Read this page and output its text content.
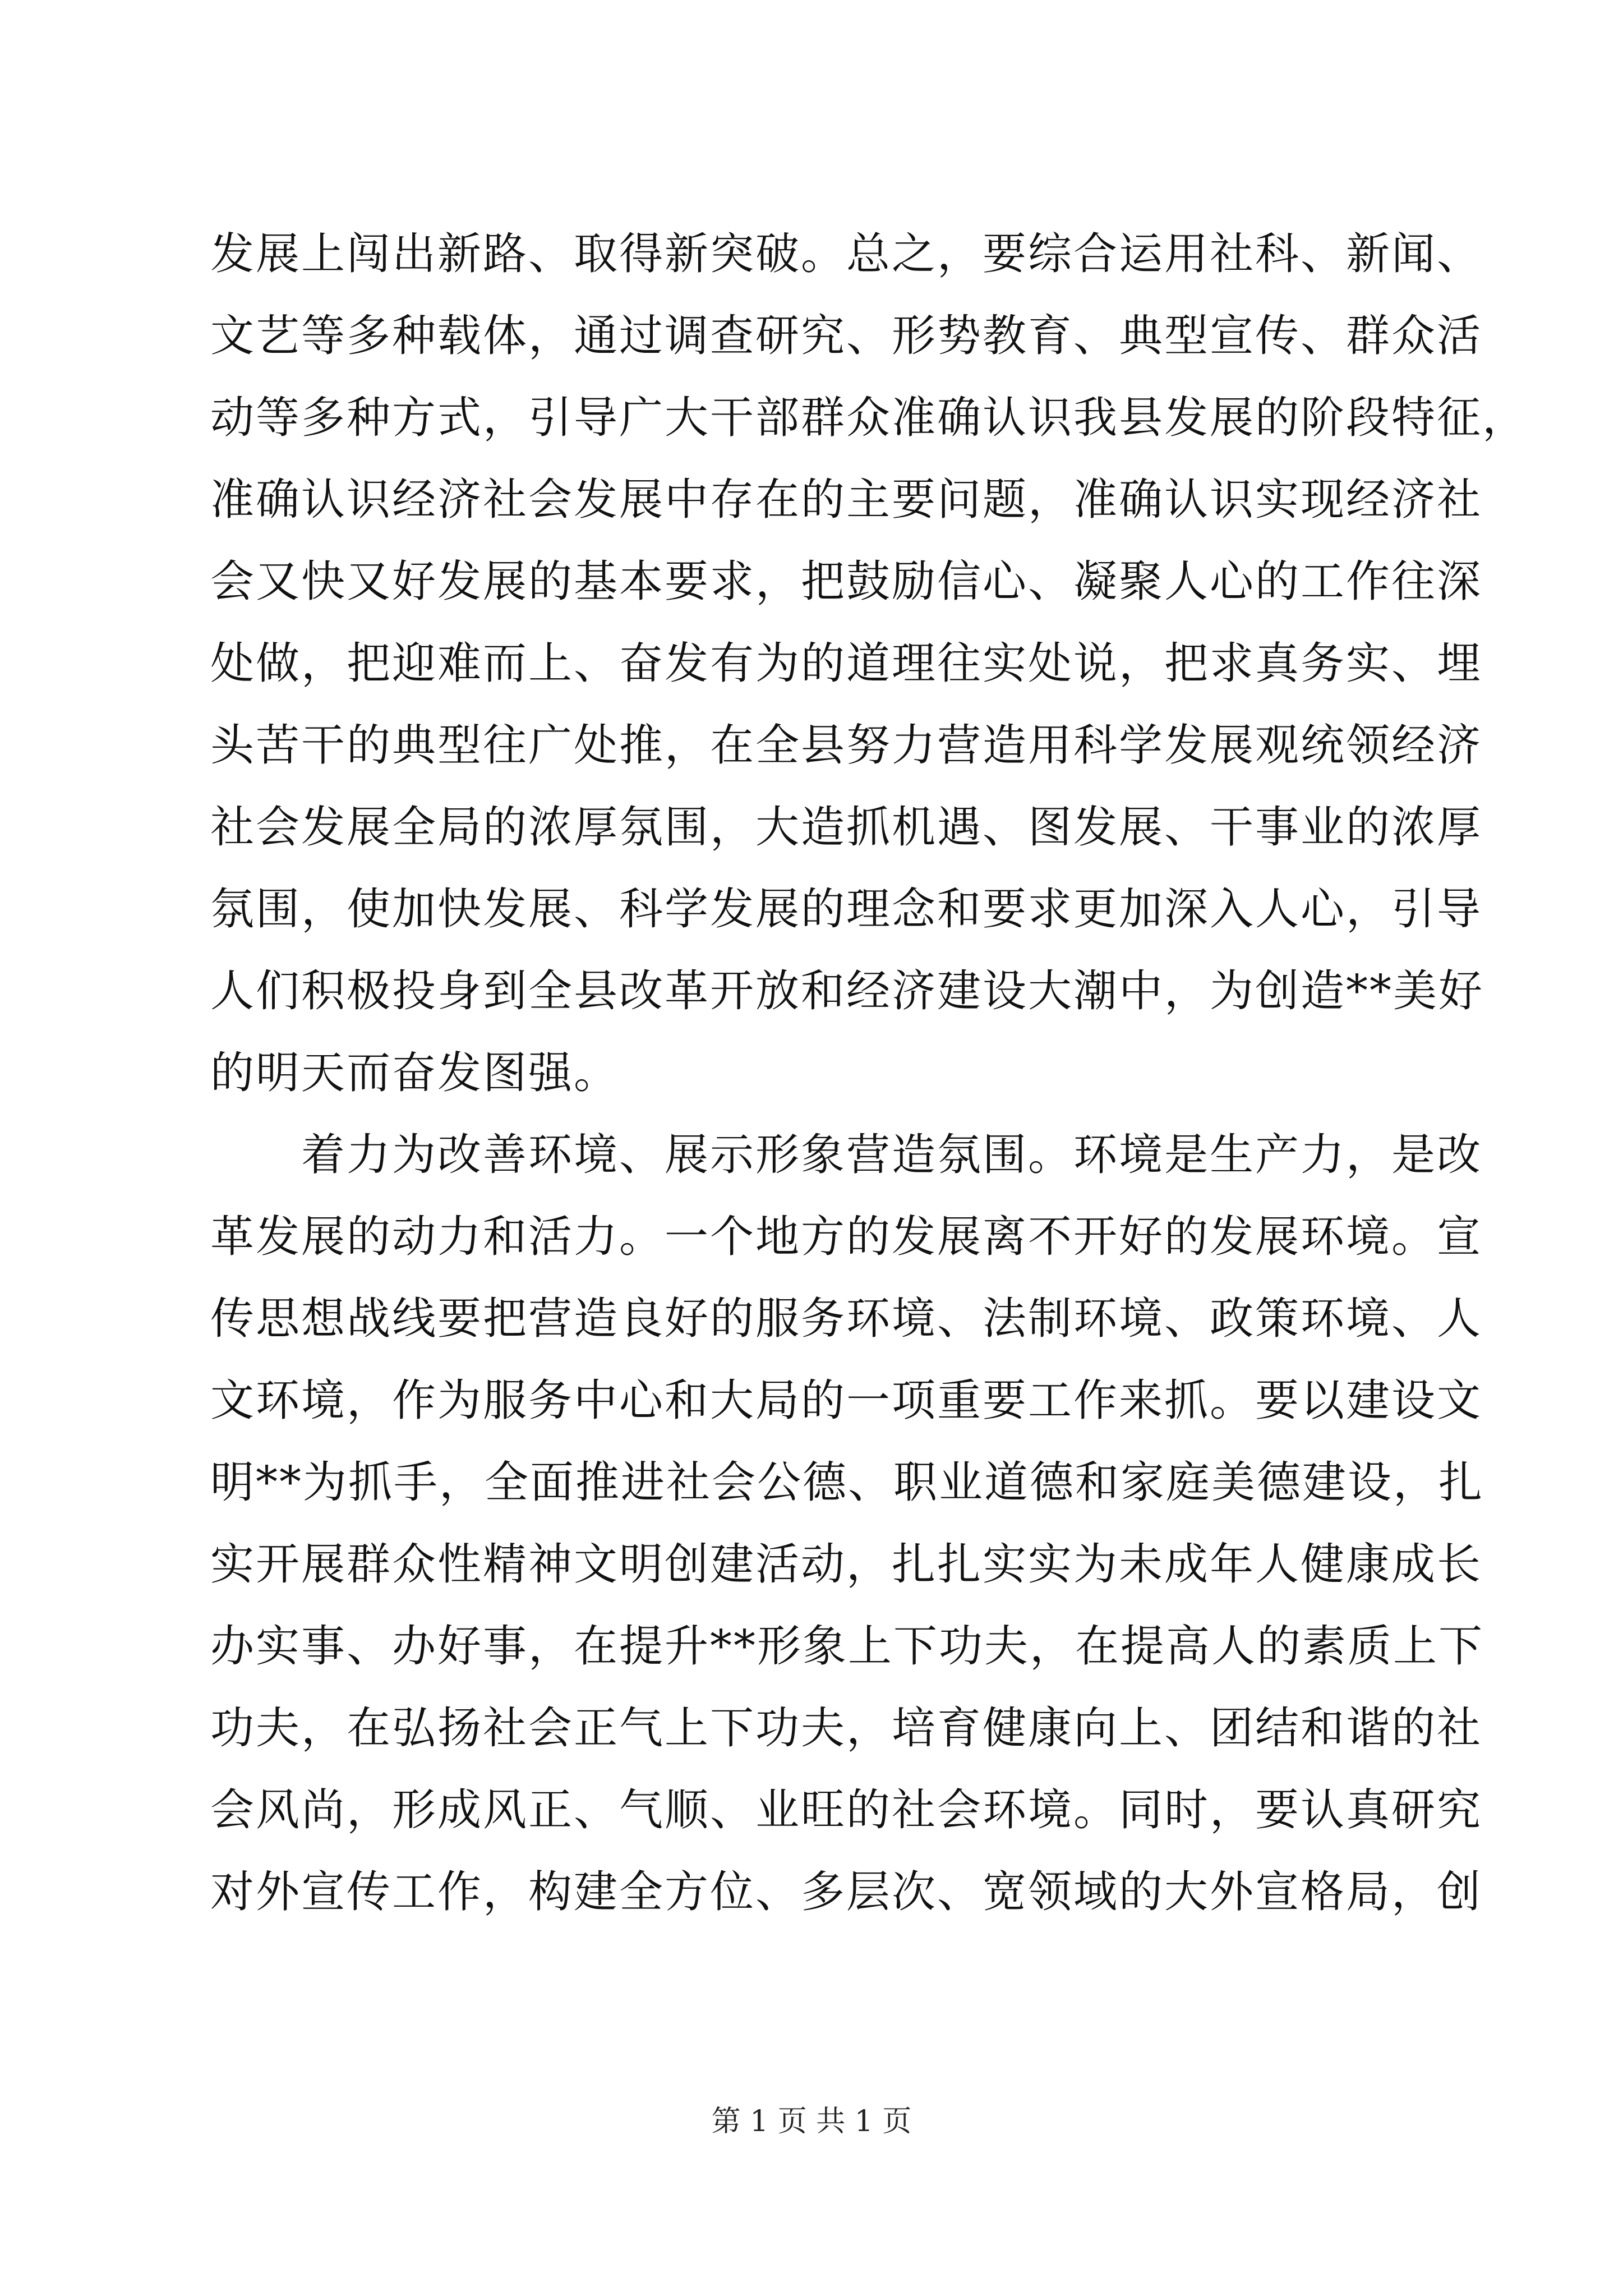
发展上闯出新路、取得新突破。总之，要综合运用社科、新闻、
文艺等多种载体，通过调查研究、形势教育、典型宣传、群众活
动等多种方式，引导广大干部群众准确认识我县发展的阶段特征，
准确认识经济社会发展中存在的主要问题，准确认识实现经济社
会又快又好发展的基本要求，把鼓励信心、凝聚人心的工作往深
处做，把迎难而上、奋发有为的道理往实处说，把求真务实、埋
头苦干的典型往广处推，在全县努力营造用科学发展观统领经济
社会发展全局的浓厚氛围，大造抓机遇、图发展、干事业的浓厚
氛围，使加快发展、科学发展的理念和要求更加深入人心，引导
人们积极投身到全县改革开放和经济建设大潮中，为创造**美好
的明天而奋发图强。
　　着力为改善环境、展示形象营造氛围。环境是生产力，是改
革发展的动力和活力。一个地方的发展离不开好的发展环境。宣
传思想战线要把营造良好的服务环境、法制环境、政策环境、人
文环境，作为服务中心和大局的一项重要工作来抓。要以建设文
明**为抓手，全面推进社会公德、职业道德和家庭美德建设，扎
实开展群众性精神文明创建活动，扎扎实实为未成年人健康成长
办实事、办好事，在提升**形象上下功夫，在提高人的素质上下
功夫，在弘扬社会正气上下功夫，培育健康向上、团结和谐的社
会风尚，形成风正、气顺、业旺的社会环境。同时，要认真研究
对外宣传工作，构建全方位、多层次、宽领域的大外宣格局，创
第 1 页 共 1 页
